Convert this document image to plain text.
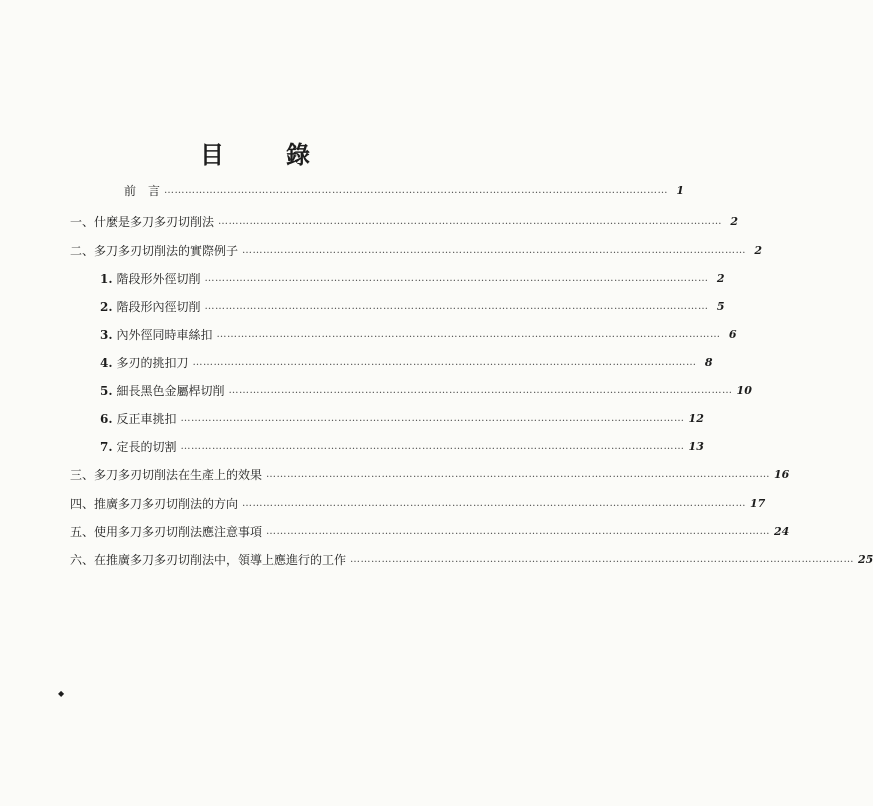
目	錄
前　言 ……………………………………………………………………………………………………………………………… 1
一、什麼是多刀多刃切削法 ……………………………………………………………………………………………………………………………… 2
二、多刀多刃切削法的實際例子 ……………………………………………………………………………………………………………………………… 2
1. 階段形外徑切削 ……………………………………………………………………………………………………………………………… 2
2. 階段形內徑切削 ……………………………………………………………………………………………………………………………… 5
3. 內外徑同時車絲扣 ……………………………………………………………………………………………………………………………… 6
4. 多刃的挑扣刀 ……………………………………………………………………………………………………………………………… 8
5. 細長黑色金屬桿切削 ……………………………………………………………………………………………………………………………… 10
6. 反正車挑扣 ……………………………………………………………………………………………………………………………… 12
7. 定長的切割 ……………………………………………………………………………………………………………………………… 13
三、多刀多刃切削法在生產上的效果 ……………………………………………………………………………………………………………………………… 16
四、推廣多刀多刃切削法的方向 ……………………………………………………………………………………………………………………………… 17
五、使用多刀多刃切削法應注意事項 ……………………………………………………………………………………………………………………………… 24
六、在推廣多刀多刃切削法中，領導上應進行的工作 ……………………………………………………………………………………………………………………………… 25
◆
